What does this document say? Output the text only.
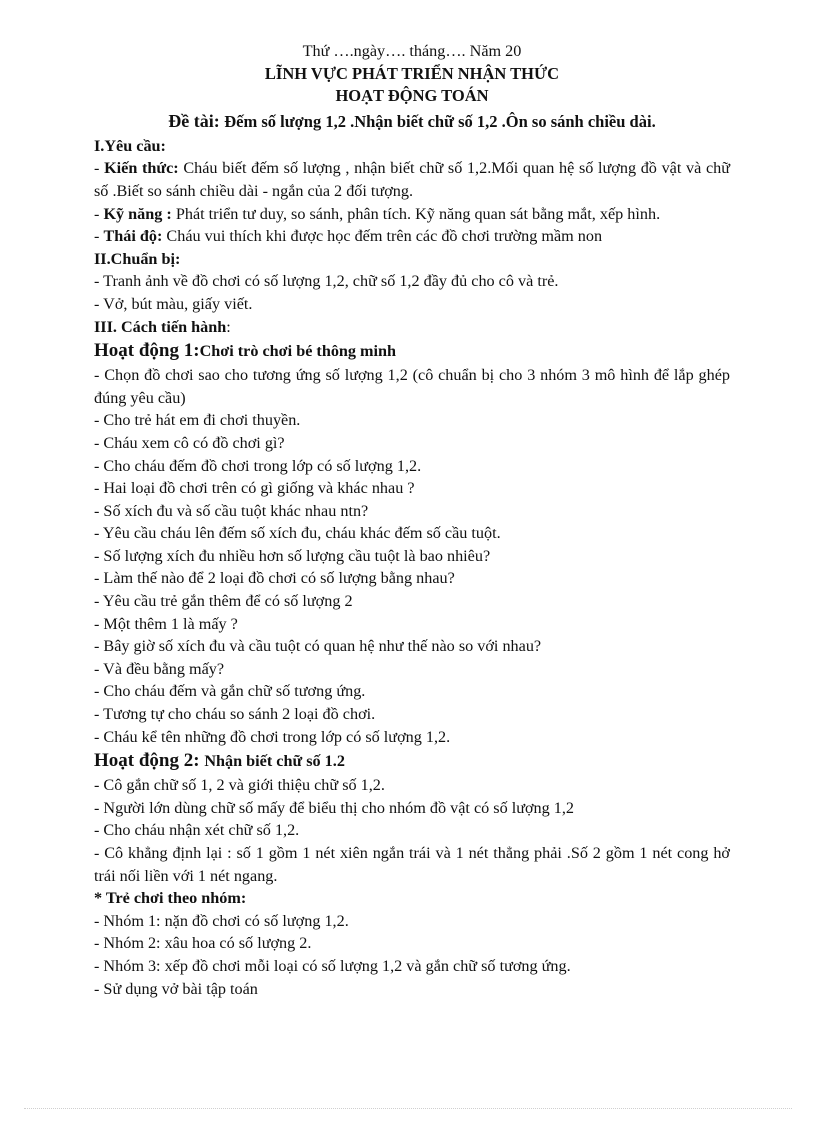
Thứ ….ngày…. tháng…. Năm 20
LĨNH VỰC PHÁT TRIỂN NHẬN THỨC
HOẠT ĐỘNG TOÁN
Đề tài: Đếm số lượng 1,2 .Nhận biết chữ số 1,2 .Ôn so sánh chiều dài.
I.Yêu cầu:
- Kiến thức: Cháu biết đếm số lượng , nhận biết chữ số 1,2.Mối quan hệ số lượng đồ vật và chữ số .Biết so sánh chiều dài - ngắn của 2 đối tượng.
- Kỹ năng : Phát triển tư duy, so sánh, phân tích. Kỹ năng quan sát bằng mắt, xếp hình.
- Thái độ: Cháu vui thích khi được học đếm trên các đồ chơi trường mầm non
II.Chuẩn bị:
- Tranh ảnh về đồ chơi có số lượng 1,2, chữ số 1,2 đầy đủ cho cô và trẻ.
- Vở, bút màu, giấy viết.
III. Cách tiến hành:
Hoạt động 1:Chơi trò chơi bé thông minh
- Chọn đồ chơi sao cho tương ứng số lượng 1,2 (cô chuẩn bị cho 3 nhóm 3 mô hình để lắp ghép đúng yêu cầu)
- Cho trẻ hát em đi chơi thuyền.
- Cháu xem cô có đồ chơi gì?
- Cho cháu đếm đồ chơi trong lớp có số lượng 1,2.
- Hai loại đồ chơi trên có gì giống và khác nhau ?
- Số xích đu và số cầu tuột khác nhau ntn?
- Yêu cầu cháu lên đếm số xích đu, cháu khác đếm số cầu tuột.
- Số lượng xích đu nhiều hơn số lượng cầu tuột là bao nhiêu?
- Làm thế nào để 2 loại đồ chơi có số lượng bằng nhau?
- Yêu cầu trẻ gắn thêm để có số lượng 2
- Một thêm 1 là mấy ?
- Bây giờ số xích đu và cầu tuột có quan hệ như thế nào so với nhau?
- Và đều bằng mấy?
- Cho cháu đếm và gắn chữ số tương ứng.
- Tương tự cho cháu so sánh 2 loại đồ chơi.
- Cháu kể tên những đồ chơi trong lớp có số lượng 1,2.
Hoạt động 2: Nhận biết chữ số 1.2
- Cô gắn chữ số 1, 2 và giới thiệu chữ số 1,2.
- Người lớn dùng chữ số mấy để biểu thị cho nhóm đồ vật có số lượng 1,2
- Cho cháu nhận xét chữ số 1,2.
- Cô khẳng định lại : số 1 gồm 1 nét xiên ngắn trái và 1 nét thẳng phải .Số 2 gồm 1 nét cong hở trái nối liền với 1 nét ngang.
* Trẻ chơi theo nhóm:
- Nhóm 1: nặn đồ chơi có số lượng 1,2.
- Nhóm 2: xâu hoa có số lượng 2.
- Nhóm 3: xếp đồ chơi mỗi loại có số lượng 1,2 và gắn chữ số tương ứng.
- Sử dụng vở bài tập toán
